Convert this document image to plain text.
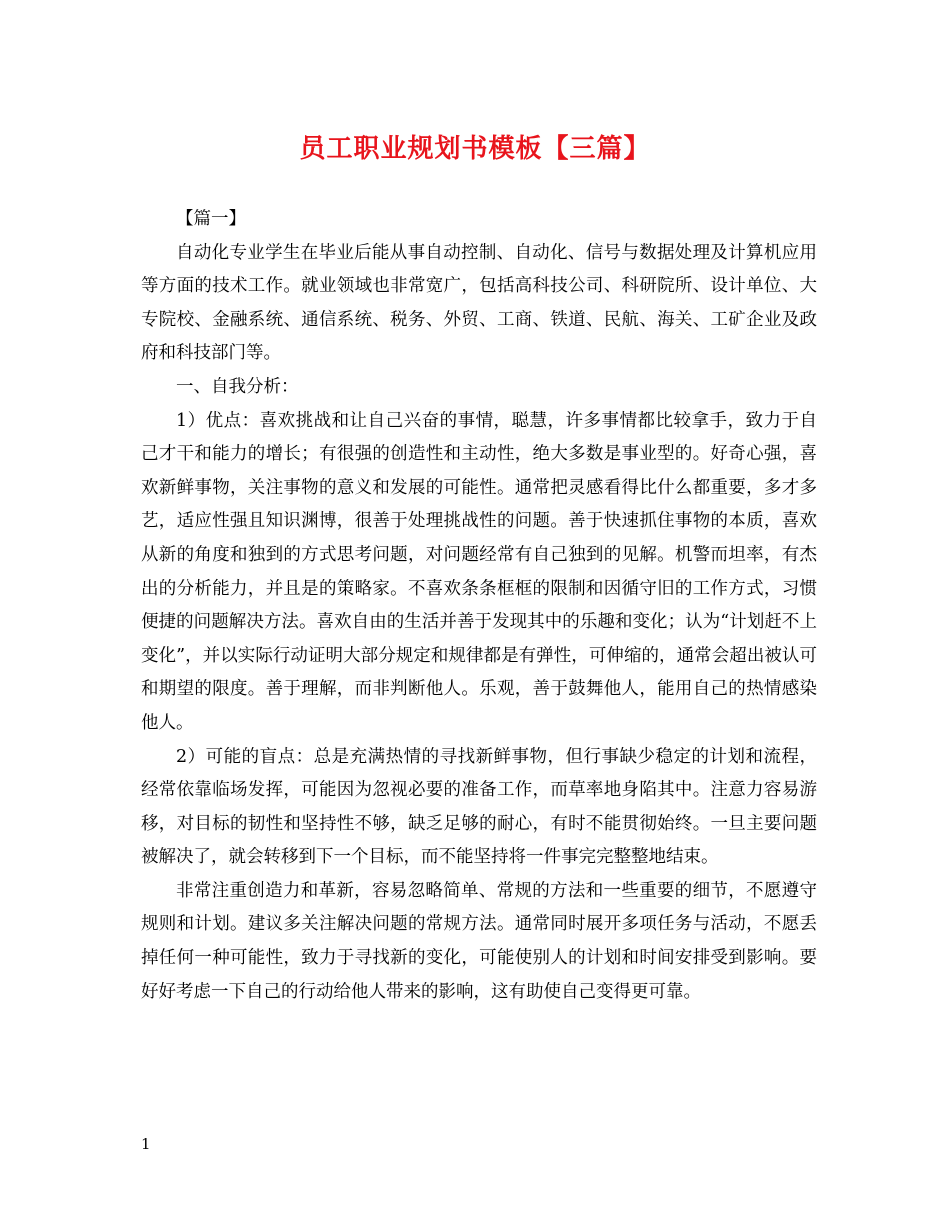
员工职业规划书模板【三篇】

【篇一】

自动化专业学生在毕业后能从事自动控制、自动化、信号与数据处理及计算机应用等方面的技术工作。就业领域也非常宽广，包括高科技公司、科研院所、设计单位、大专院校、金融系统、通信系统、税务、外贸、工商、铁道、民航、海关、工矿企业及政府和科技部门等。

一、自我分析：

1）优点：喜欢挑战和让自己兴奋的事情，聪慧，许多事情都比较拿手，致力于自己才干和能力的增长；有很强的创造性和主动性，绝大多数是事业型的。好奇心强，喜欢新鲜事物，关注事物的意义和发展的可能性。通常把灵感看得比什么都重要，多才多艺，适应性强且知识渊博，很善于处理挑战性的问题。善于快速抓住事物的本质，喜欢从新的角度和独到的方式思考问题，对问题经常有自己独到的见解。机警而坦率，有杰出的分析能力，并且是的策略家。不喜欢条条框框的限制和因循守旧的工作方式，习惯便捷的问题解决方法。喜欢自由的生活并善于发现其中的乐趣和变化；认为“计划赶不上变化”，并以实际行动证明大部分规定和规律都是有弹性，可伸缩的，通常会超出被认可和期望的限度。善于理解，而非判断他人。乐观，善于鼓舞他人，能用自己的热情感染他人。

2）可能的盲点：总是充满热情的寻找新鲜事物，但行事缺少稳定的计划和流程，经常依靠临场发挥，可能因为忽视必要的准备工作，而草率地身陷其中。注意力容易游移，对目标的韧性和坚持性不够，缺乏足够的耐心，有时不能贯彻始终。一旦主要问题被解决了，就会转移到下一个目标，而不能坚持将一件事完完整整地结束。

非常注重创造力和革新，容易忽略简单、常规的方法和一些重要的细节，不愿遵守规则和计划。建议多关注解决问题的常规方法。通常同时展开多项任务与活动，不愿丢掉任何一种可能性，致力于寻找新的变化，可能使别人的计划和时间安排受到影响。要好好考虑一下自己的行动给他人带来的影响，这有助使自己变得更可靠。

1
